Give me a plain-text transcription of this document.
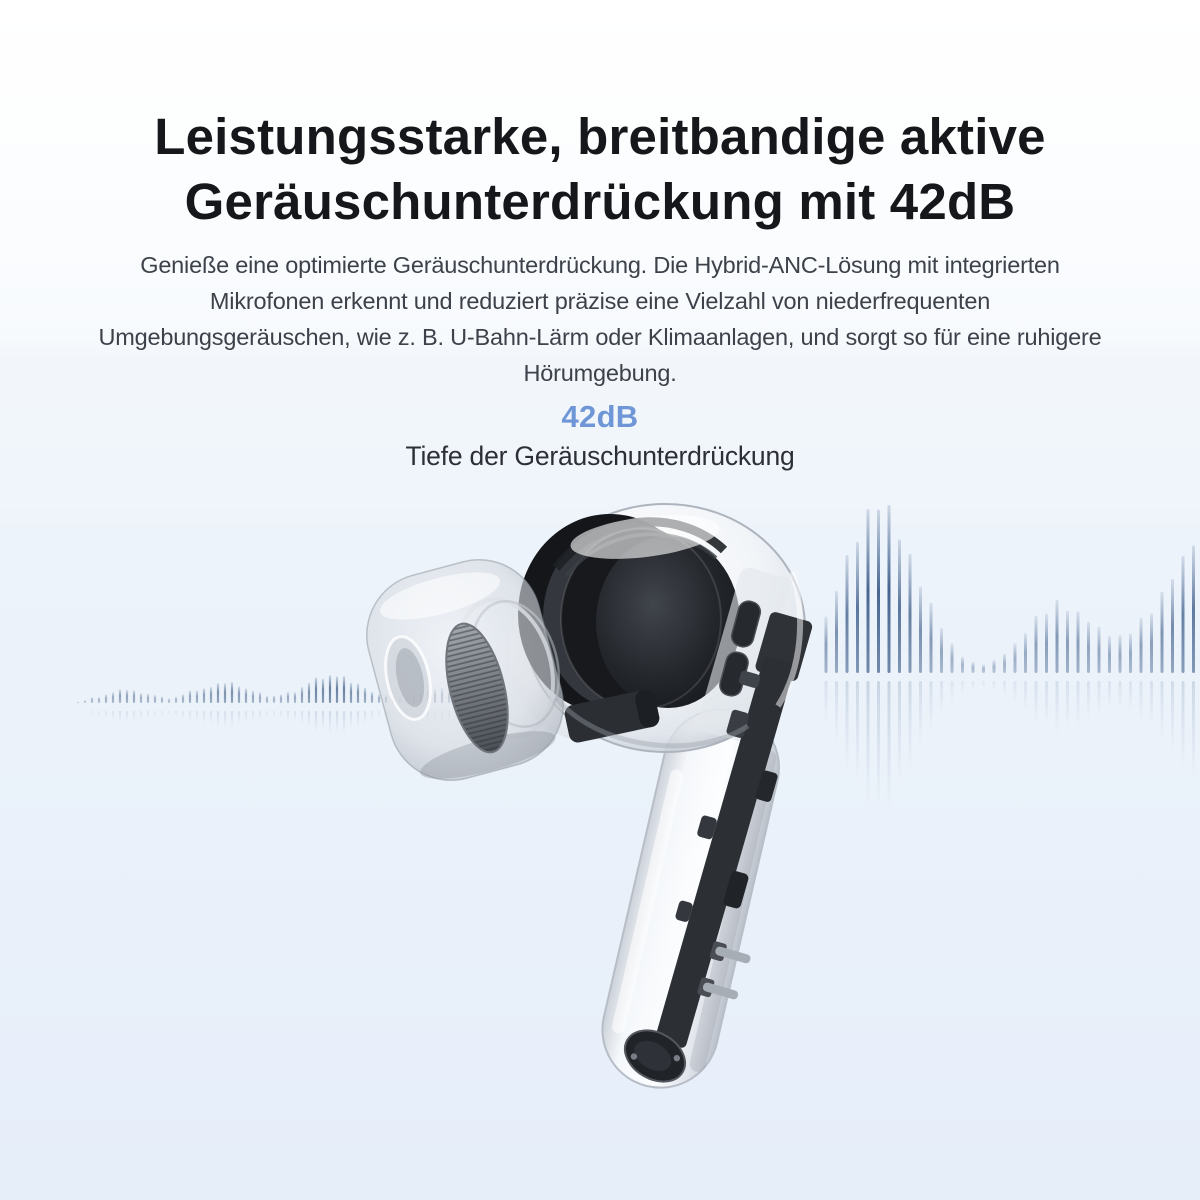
Leistungsstarke, breitbandige aktive
Geräuschunterdrückung mit 42dB
Genieße eine optimierte Geräuschunterdrückung. Die Hybrid-ANC-Lösung mit integrierten
Mikrofonen erkennt und reduziert präzise eine Vielzahl von niederfrequenten
Umgebungsgeräuschen, wie z. B. U-Bahn-Lärm oder Klimaanlagen, und sorgt so für eine ruhigere
Hörumgebung.
42dB
Tiefe der Geräuschunterdrückung
